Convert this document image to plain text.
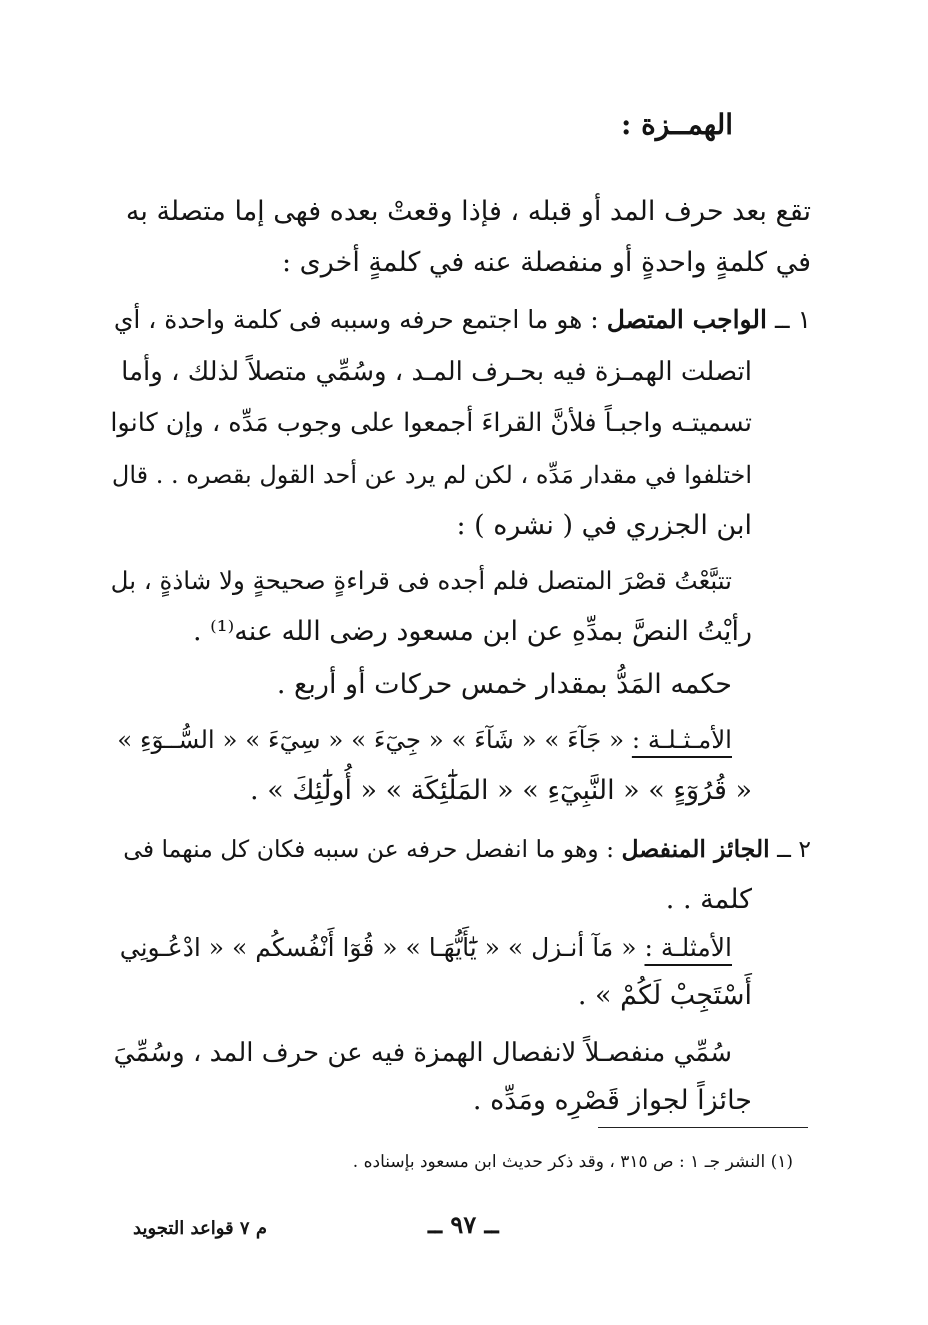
الهمــزة :
تقع بعد حرف المد أو قبله ، فإذا وقعتْ بعده فهى إما متصلة به
في كلمةٍ واحدةٍ أو منفصلة عنه في كلمةٍ أخرى :
١ ــ الواجب المتصل : هو ما اجتمع حرفه وسببه فى كلمة واحدة ، أي
اتصلت الهمـزة فيه بحـرف المـد ، وسُمِّي متصلاً لذلك ، وأما
تسميتـه واجبـاً فلأنَّ القراءَ أجمعوا على وجوب مَدِّه ، وإن كانوا
اختلفوا في مقدار مَدِّه ، لكن لم يرد عن أحد القول بقصره . . قال
ابن الجزري في ( نشره ) :
تتبَّعْتُ قصْرَ المتصل فلم أجده فى قراءةٍ صحيحةٍ ولا شاذةٍ ، بل
رأيْتُ النصَّ بمدِّهِ عن ابن مسعود رضى الله عنه⁽¹⁾ .
حكمه المَدُّ بمقدار خمس حركات أو أربع .
الأمـثـلـة : « جَآءَ » « شَآءَ » « جِيٓءَ » « سِيٓءَ » « السُّــوٓءِ »
« قُرُوٓءٍ » « النَّبِيٓءِ » « المَلَٰٓئِكَة » « أُولَٰٓئِكَ » .
٢ ــ الجائز المنفصل : وهو ما انفصل حرفه عن سببه فكان كل منهما فى
كلمة . .
الأمثلـة : « مَآ أنـزل » « يَٰٓأَيُّهَـا » « قُوٓا أَنْفُسكُم » « ادْعُـونِي
أَسْتَجِبْ لَكُمْ » .
سُمِّي منفصـلاً لانفصال الهمزة فيه عن حرف المد ، وسُمِّيَ
جائزاً لجواز قَصْرِه ومَدِّه .
(١) النشر جـ ١ : ص ٣١٥ ، وقد ذكر حديث ابن مسعود بإسناده .
ــ ٩٧ ــ
م ٧ قواعد التجويد
